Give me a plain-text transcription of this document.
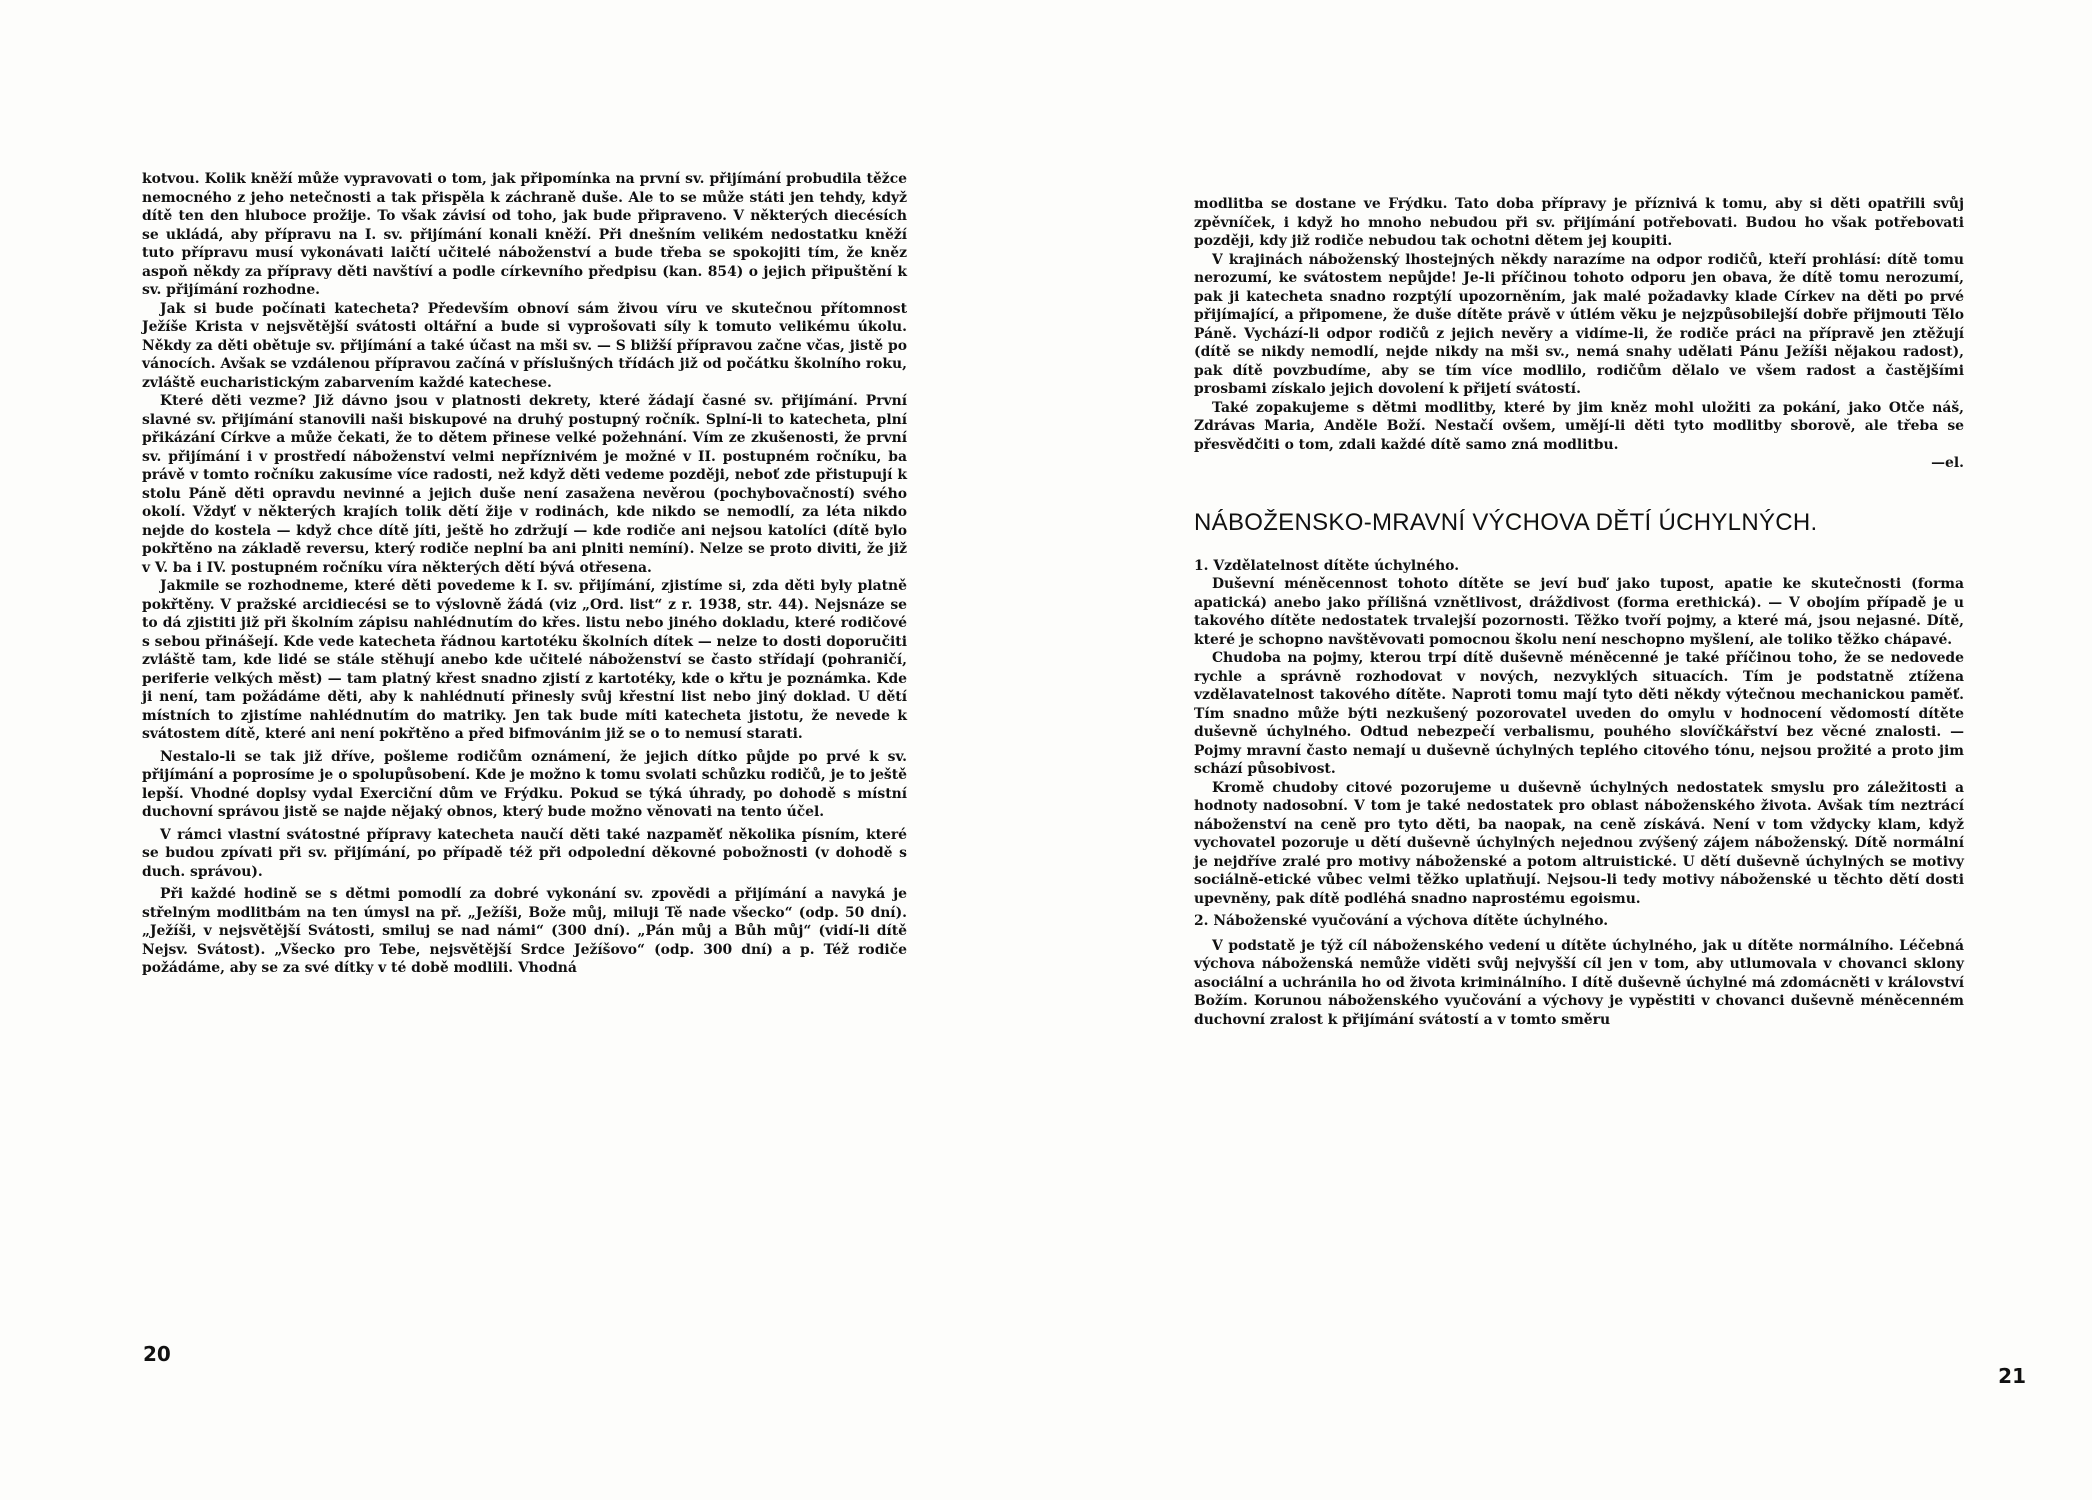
kotvou. Kolik kněží může vypravovati o tom, jak připomínka na první sv. přijímání probudila těžce nemocného z jeho netečnosti a tak přispěla k záchraně duše. Ale to se může státi jen tehdy, když dítě ten den hluboce prožije. To však závisí od toho, jak bude připraveno. V některých diecésích se ukládá, aby přípravu na I. sv. přijímání konali kněží. Při dnešním velikém nedostatku kněží tuto přípravu musí vykonávati laičtí učitelé náboženství a bude třeba se spokojiti tím, že kněz aspoň někdy za přípravy děti navštíví a podle církevního předpisu (kan. 854) o jejich připuštění k sv. přijímání rozhodne.

Jak si bude počínati katecheta? Především obnoví sám živou víru ve skutečnou přítomnost Ježíše Krista v nejsvětější svátosti oltářní a bude si vyprošovati síly k tomuto velikému úkolu. Někdy za děti obětuje sv. přijímání a také účast na mši sv. — S bližší přípravou začne včas, jistě po vánocích. Avšak se vzdálenou přípravou začíná v příslušných třídách již od počátku školního roku, zvláště eucharistickým zabarvením každé katechese.

Které děti vezme? Již dávno jsou v platnosti dekrety, které žádají časné sv. přijímání. První slavné sv. přijímání stanovili naši biskupové na druhý postupný ročník. Splní-li to katecheta, plní přikázání Církve a může čekati, že to dětem přinese velké požehnání. Vím ze zkušenosti, že první sv. přijímání i v prostředí náboženství velmi nepříznivém je možné v II. postupném ročníku, ba právě v tomto ročníku zakusíme více radosti, než když děti vedeme později, neboť zde přistupují k stolu Páně děti opravdu nevinné a jejich duše není zasažena nevěrou (pochybovačností) svého okolí. Vždyť v některých krajích tolik dětí žije v rodinách, kde nikdo se nemodlí, za léta nikdo nejde do kostela — když chce dítě jíti, ještě ho zdržují — kde rodiče ani nejsou katolíci (dítě bylo pokřtěno na základě reversu, který rodiče neplní ba ani plniti nemíní). Nelze se proto diviti, že již v V. ba i IV. postupném ročníku víra některých dětí bývá otřesena.

Jakmile se rozhodneme, které děti povedeme k I. sv. přijímání, zjistíme si, zda děti byly platně pokřtěny. V pražské arcidiecési se to výslovně žádá (viz „Ord. list“ z r. 1938, str. 44). Nejsnáze se to dá zjistiti již při školním zápisu nahlédnutím do křes. listu nebo jiného dokladu, které rodičové s sebou přinášejí. Kde vede katecheta řádnou kartotéku školních dítek — nelze to dosti doporučiti zvláště tam, kde lidé se stále stěhují anebo kde učitelé náboženství se často střídají (pohraničí, periferie velkých měst) — tam platný křest snadno zjistí z kartotéky, kde o křtu je poznámka. Kde ji není, tam požádáme děti, aby k nahlédnutí přinesly svůj křestní list nebo jiný doklad. U dětí místních to zjistíme nahlédnutím do matriky. Jen tak bude míti katecheta jistotu, že nevede k svátostem dítě, které ani není pokřtěno a před bifmovánim již se o to nemusí starati.

Nestalo-li se tak již dříve, pošleme rodičům oznámení, že jejich dítko půjde po prvé k sv. přijímání a poprosíme je o spolupůsobení. Kde je možno k tomu svolati schůzku rodičů, je to ještě lepší. Vhodné doplsy vydal Exerciční dům ve Frýdku. Pokud se týká úhrady, po dohodě s místní duchovní správou jistě se najde nějaký obnos, který bude možno věnovati na tento účel.

V rámci vlastní svátostné přípravy katecheta naučí děti také nazpaměť několika písním, které se budou zpívati při sv. přijímání, po případě též při odpolední děkovné pobožnosti (v dohodě s duch. správou).

Při každé hodině se s dětmi pomodlí za dobré vykonání sv. zpovědi a přijímání a navyká je střelným modlitbám na ten úmysl na př. „Ježíši, Bože můj, miluji Tě nade všecko“ (odp. 50 dní). „Ježíši, v nejsvětější Svátosti, smiluj se nad námi“ (300 dní). „Pán můj a Bůh můj“ (vidí-li dítě Nejsv. Svátost). „Všecko pro Tebe, nejsvětější Srdce Ježíšovo“ (odp. 300 dní) a p. Též rodiče požádáme, aby se za své dítky v té době modlili. Vhodná

20

modlitba se dostane ve Frýdku. Tato doba přípravy je příznivá k tomu, aby si děti opatřili svůj zpěvníček, i když ho mnoho nebudou při sv. přijímání potřebovati. Budou ho však potřebovati později, kdy již rodiče nebudou tak ochotni dětem jej koupiti.

V krajinách náboženský lhostejných někdy narazíme na odpor rodičů, kteří prohlásí: dítě tomu nerozumí, ke svátostem nepůjde! Je-li příčinou tohoto odporu jen obava, že dítě tomu nerozumí, pak ji katecheta snadno rozptýlí upozorněním, jak malé požadavky klade Církev na děti po prvé přijímající, a připomene, že duše dítěte právě v útlém věku je nejzpůsobilejší dobře přijmouti Tělo Páně. Vychází-li odpor rodičů z jejich nevěry a vidíme-li, že rodiče práci na přípravě jen ztěžují (dítě se nikdy nemodlí, nejde nikdy na mši sv., nemá snahy udělati Pánu Ježíši nějakou radost), pak dítě povzbudíme, aby se tím více modlilo, rodičům dělalo ve všem radost a častějšími prosbami získalo jejich dovolení k přijetí svátostí.

Také zopakujeme s dětmi modlitby, které by jim kněz mohl uložiti za pokání, jako Otče náš, Zdrávas Maria, Anděle Boží. Nestačí ovšem, umějí-li děti tyto modlitby sborově, ale třeba se přesvědčiti o tom, zdali každé dítě samo zná modlitbu.

—el.
NÁBOŽENSKO-MRAVNÍ VÝCHOVA DĚTÍ ÚCHYLNÝCH.

1. Vzdělatelnost dítěte úchylného.

Duševní méněcennost tohoto dítěte se jeví buď jako tupost, apatie ke skutečnosti (forma apatická) anebo jako přílišná vznětlivost, dráždivost (forma erethická). — V obojím případě je u takového dítěte nedostatek trvalejší pozornosti. Těžko tvoří pojmy, a které má, jsou nejasné. Dítě, které je schopno navštěvovati pomocnou školu není neschopno myšlení, ale toliko těžko chápavé.

Chudoba na pojmy, kterou trpí dítě duševně méněcenné je také příčinou toho, že se nedovede rychle a správně rozhodovat v nových, nezvyklých situacích. Tím je podstatně ztížena vzdělavatelnost takového dítěte. Naproti tomu mají tyto děti někdy výtečnou mechanickou paměť. Tím snadno může býti nezkušený pozorovatel uveden do omylu v hodnocení vědomostí dítěte duševně úchylného. Odtud nebezpečí verbalismu, pouhého slovíčkářství bez věcné znalosti. — Pojmy mravní často nemají u duševně úchylných teplého citového tónu, nejsou prožité a proto jim schází působivost.

Kromě chudoby citové pozorujeme u duševně úchylných nedostatek smyslu pro záležitosti a hodnoty nadosobní. V tom je také nedostatek pro oblast náboženského života. Avšak tím neztrácí náboženství na ceně pro tyto děti, ba naopak, na ceně získává. Není v tom vždycky klam, když vychovatel pozoruje u dětí duševně úchylných nejednou zvýšený zájem náboženský. Dítě normální je nejdříve zralé pro motivy náboženské a potom altruistické. U dětí duševně úchylných se motivy sociálně-etické vůbec velmi těžko uplatňují. Nejsou-li tedy motivy náboženské u těchto dětí dosti upevněny, pak dítě podléhá snadno naprostému egoismu.

2. Náboženské vyučování a výchova dítěte úchylného.

V podstatě je týž cíl náboženského vedení u dítěte úchylného, jak u dítěte normálního. Léčebná výchova náboženská nemůže viděti svůj nejvyšší cíl jen v tom, aby utlumovala v chovanci sklony asociální a uchránila ho od života kriminálního. I dítě duševně úchylné má zdomácněti v království Božím. Korunou náboženského vyučování a výchovy je vypěstiti v chovanci duševně méněcenném duchovní zralost k přijímání svátostí a v tomto směru

21
